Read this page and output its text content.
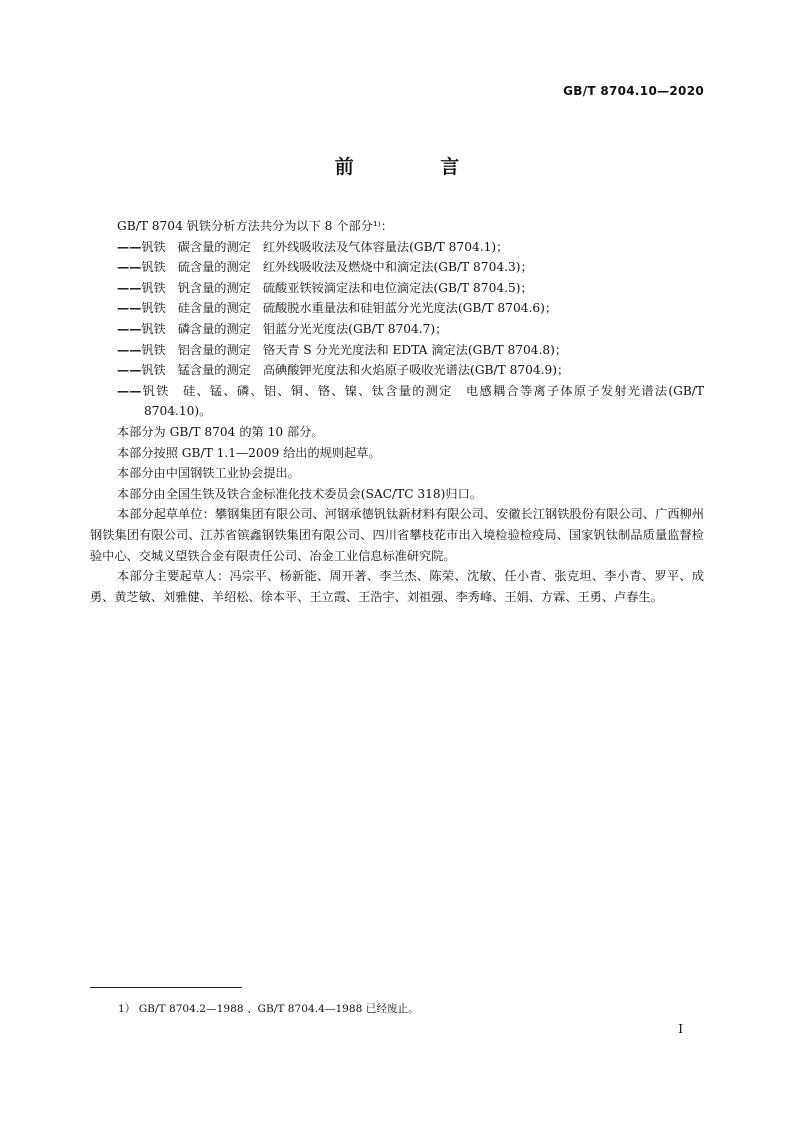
GB/T 8704.10—2020
前 言
GB/T 8704 钒铁分析方法共分为以下 8 个部分¹⁾：
——钒铁 碳含量的测定 红外线吸收法及气体容量法(GB/T 8704.1)；
——钒铁 硫含量的测定 红外线吸收法及燃烧中和滴定法(GB/T 8704.3)；
——钒铁 钒含量的测定 硫酸亚铁铵滴定法和电位滴定法(GB/T 8704.5)；
——钒铁 硅含量的测定 硫酸脱水重量法和硅钼蓝分光光度法(GB/T 8704.6)；
——钒铁 磷含量的测定 钼蓝分光光度法(GB/T 8704.7)；
——钒铁 铝含量的测定 铬天青 S 分光光度法和 EDTA 滴定法(GB/T 8704.8)；
——钒铁 锰含量的测定 高碘酸钾光度法和火焰原子吸收光谱法(GB/T 8704.9)；
——钒铁 硅、锰、磷、铝、铜、铬、镍、钛含量的测定 电感耦合等离子体原子发射光谱法(GB/T 8704.10)。
本部分为 GB/T 8704 的第 10 部分。
本部分按照 GB/T 1.1—2009 给出的规则起草。
本部分由中国钢铁工业协会提出。
本部分由全国生铁及铁合金标准化技术委员会(SAC/TC 318)归口。
本部分起草单位：攀钢集团有限公司、河钢承德钒钛新材料有限公司、安徽长江钢铁股份有限公司、广西柳州钢铁集团有限公司、江苏省镔鑫钢铁集团有限公司、四川省攀枝花市出入境检验检疫局、国家钒钛制品质量监督检验中心、交城义望铁合金有限责任公司、冶金工业信息标准研究院。
本部分主要起草人：冯宗平、杨新能、周开著、李兰杰、陈荣、沈敏、任小青、张克坦、李小青、罗平、成勇、黄芝敏、刘雅健、羊绍松、徐本平、王立霞、王浩宇、刘祖强、李秀峰、王娟、方霖、王勇、卢春生。
1） GB/T 8704.2—1988 、GB/T 8704.4—1988 已经废止。
I
